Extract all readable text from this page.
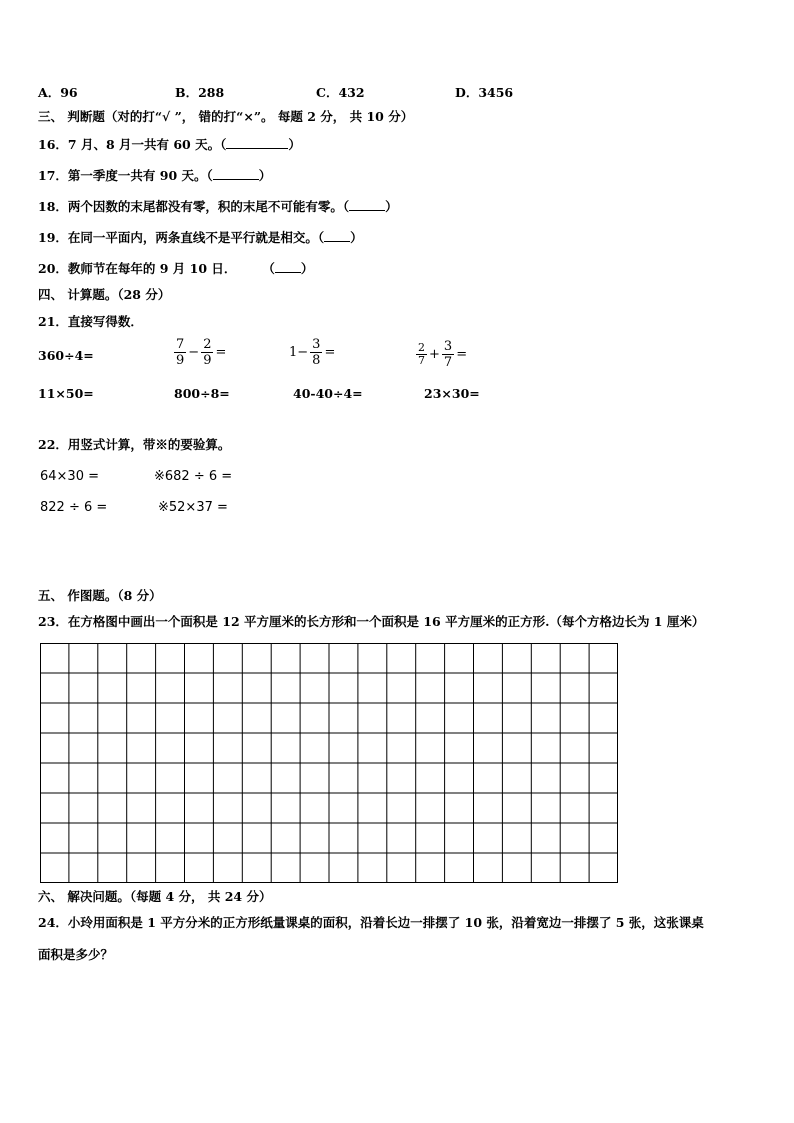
A．96	B．288	C．432	D．3456
三、 判断题（对的打“√ ”， 错的打“×”。 每题 2 分， 共 10 分）
16．7 月、8 月一共有 60 天。（	）
17．第一季度一共有 90 天。（	）
18．两个因数的末尾都没有零，积的末尾不可能有零。（	）
19．在同一平面内，两条直线不是平行就是相交。（ ）
20．教师节在每年的 9 月 10 日． （ ）
四、 计算题。（28 分）
21．直接写得数．
360÷4=	$\frac{7}{9} - \frac{2}{9}$ =	$1- \frac{3}{8}$ =	$\frac{2}{7} + \frac{3}{7}$ =
11×50=	800÷8=	40-40÷4=	23×30=
22．用竖式计算，带※的要验算。
64×30 =	※682 ÷ 6 =
822 ÷ 6 =	※52×37 =
五、 作图题。（8 分）
23．在方格图中画出一个面积是 12 平方厘米的长方形和一个面积是 16 平方厘米的正方形.（每个方格边长为 1 厘米）
六、 解决问题。（每题 4 分， 共 24 分）
24．小玲用面积是 1 平方分米的正方形纸量课桌的面积，沿着长边一排摆了 10 张，沿着宽边一排摆了 5 张，这张课桌
面积是多少？
